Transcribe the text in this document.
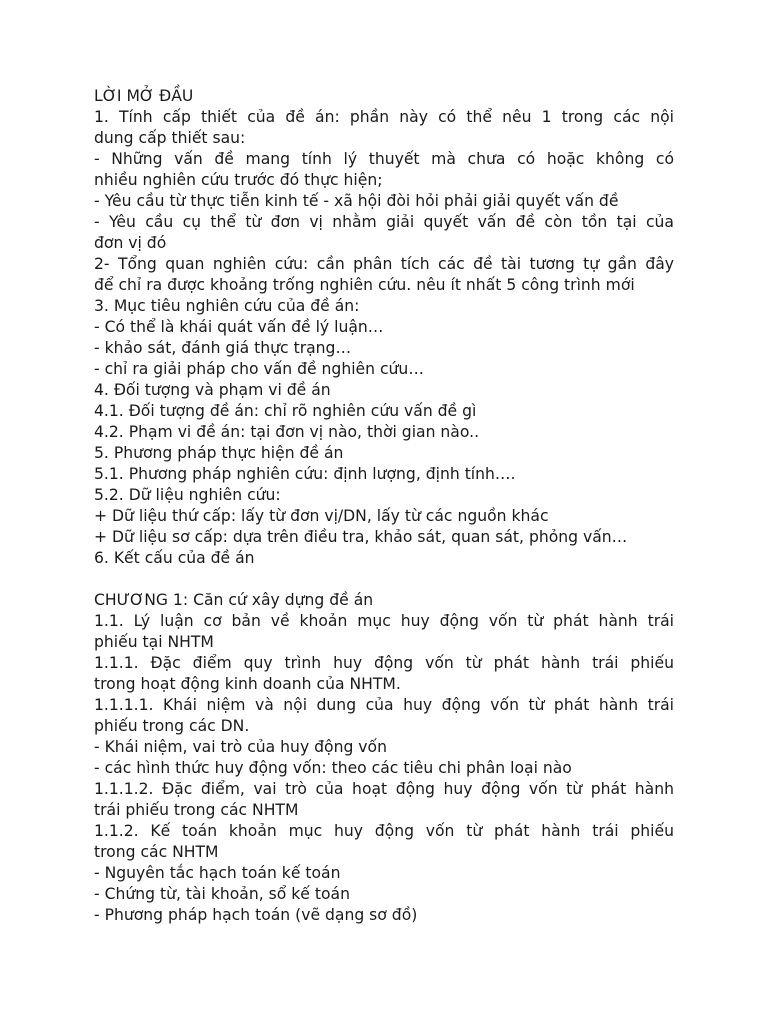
LỜI MỞ ĐẦU
1. Tính cấp thiết của đề án: phần này có thể nêu 1 trong các nội
dung cấp thiết sau:
- Những vấn đề mang tính lý thuyết mà chưa có hoặc không có
nhiều nghiên cứu trước đó thực hiện;
- Yêu cầu từ thực tiễn kinh tế - xã hội đòi hỏi phải giải quyết vấn đề
- Yêu cầu cụ thể từ đơn vị nhằm giải quyết vấn đề còn tồn tại của
đơn vị đó
2- Tổng quan nghiên cứu: cần phân tích các đề tài tương tự gần đây
để chỉ ra được khoảng trống nghiên cứu. nêu ít nhất 5 công trình mới
3. Mục tiêu nghiên cứu của đề án:
- Có thể là khái quát vấn đề lý luận…
- khảo sát, đánh giá thực trạng…
- chỉ ra giải pháp cho vấn đề nghiên cứu…
4. Đối tượng và phạm vi đề án
4.1. Đối tượng đề án: chỉ rõ nghiên cứu vấn đề gì
4.2. Phạm vi đề án: tại đơn vị nào, thời gian nào..
5. Phương pháp thực hiện đề án
5.1. Phương pháp nghiên cứu: định lượng, định tính….
5.2. Dữ liệu nghiên cứu:
+ Dữ liệu thứ cấp: lấy từ đơn vị/DN, lấy từ các nguồn khác
+ Dữ liệu sơ cấp: dựa trên điều tra, khảo sát, quan sát, phỏng vấn…
6. Kết cấu của đề án
CHƯƠNG 1: Căn cứ xây dựng đề án
1.1. Lý luận cơ bản về khoản mục huy động vốn từ phát hành trái
phiếu tại NHTM
1.1.1. Đặc điểm quy trình huy động vốn từ phát hành trái phiếu
trong hoạt động kinh doanh của NHTM.
1.1.1.1. Khái niệm và nội dung của huy động vốn từ phát hành trái
phiếu trong các DN.
- Khái niệm, vai trò của huy động vốn
- các hình thức huy động vốn: theo các tiêu chi phân loại nào
1.1.1.2. Đặc điểm, vai trò của hoạt động huy động vốn từ phát hành
trái phiếu trong các NHTM
1.1.2. Kế toán khoản mục huy động vốn từ phát hành trái phiếu
trong các NHTM
- Nguyên tắc hạch toán kế toán
- Chứng từ, tài khoản, sổ kế toán
- Phương pháp hạch toán (vẽ dạng sơ đồ)
